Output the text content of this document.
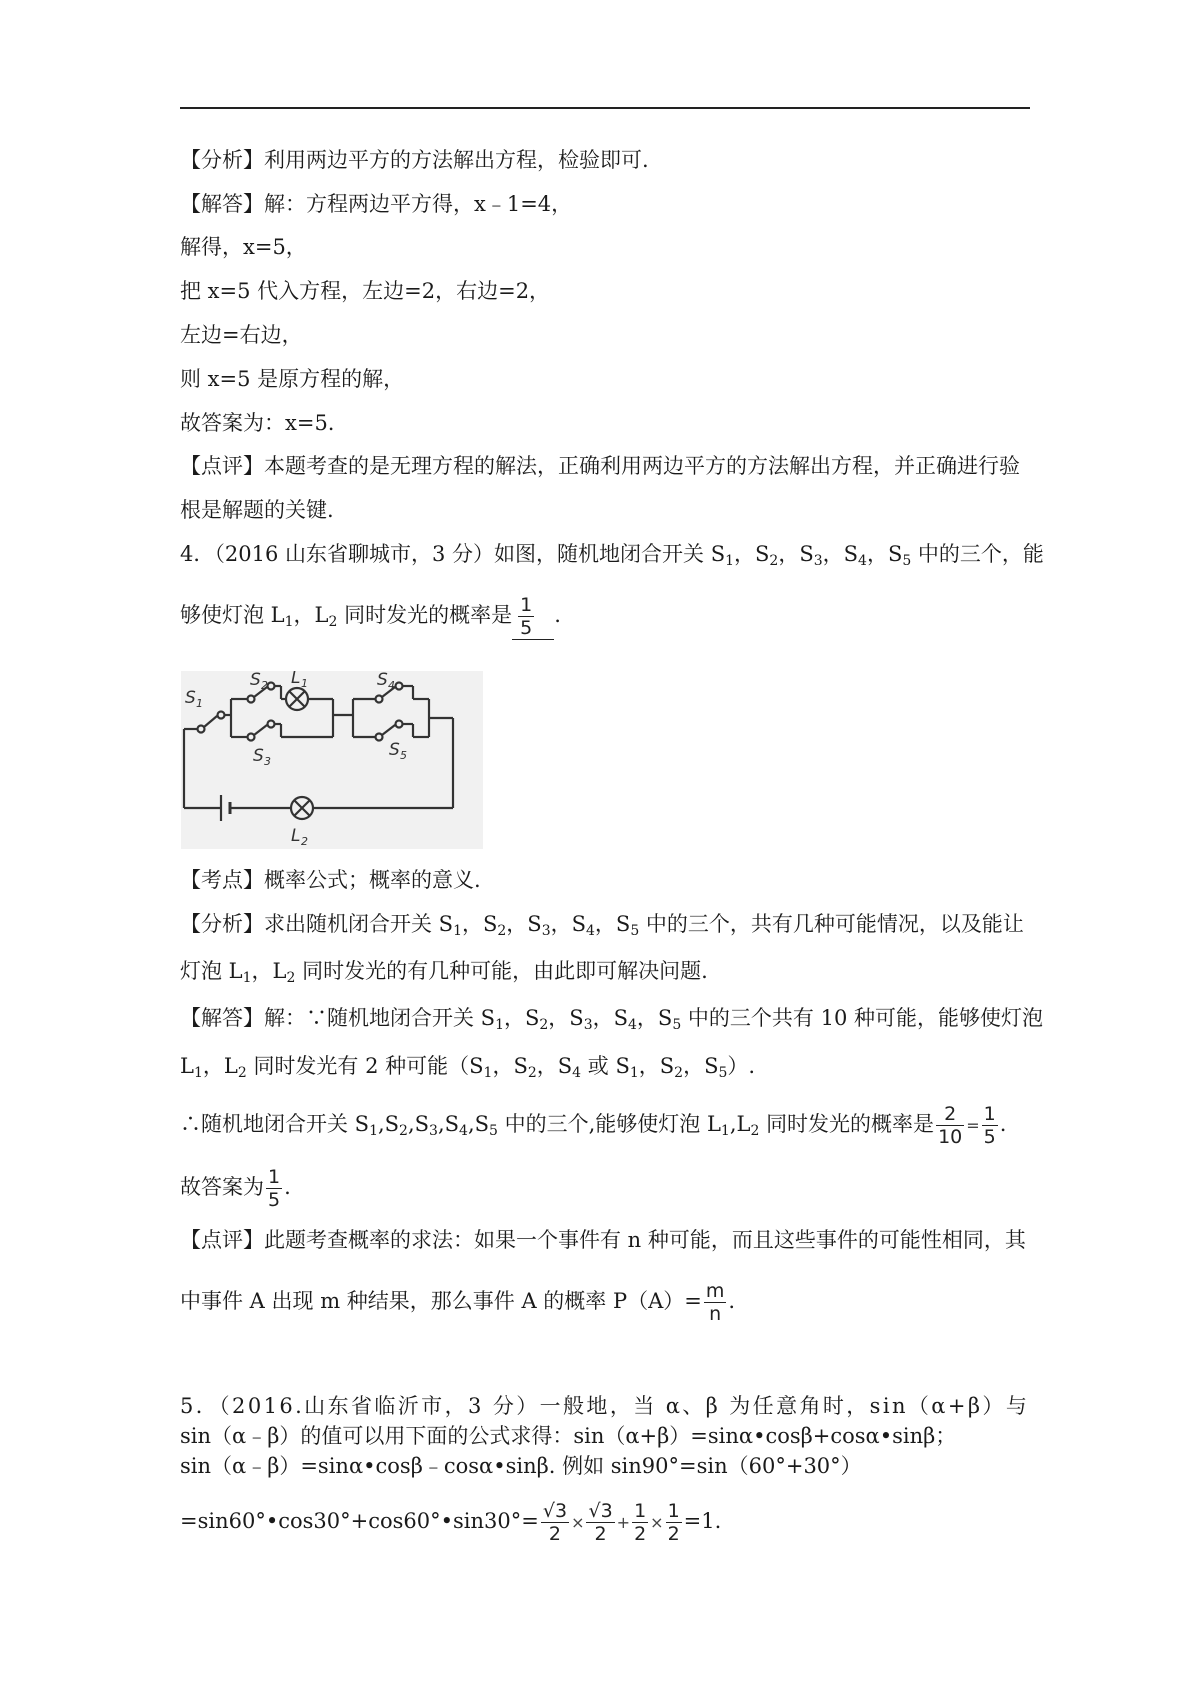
【分析】利用两边平方的方法解出方程，检验即可.
【解答】解：方程两边平方得，x﹣1=4，
解得，x=5，
把 x=5 代入方程，左边=2，右边=2，
左边=右边，
则 x=5 是原方程的解，
故答案为：x=5.
【点评】本题考查的是无理方程的解法，正确利用两边平方的方法解出方程，并正确进行验
根是解题的关键.
4．（2016 山东省聊城市，3 分）如图，随机地闭合开关 $S_1$，$S_2$，$S_3$，$S_4$，$S_5$ 中的三个，能
够使灯泡 $L_1$，$L_2$ 同时发光的概率是 $\frac{1}{5}$ .
S 1
S 2 L 1
S 3
S 4
S 5
L 2
【考点】概率公式；概率的意义.
【分析】求出随机闭合开关 $S_1$，$S_2$，$S_3$，$S_4$，$S_5$ 中的三个，共有几种可能情况，以及能让
灯泡 $L_1$，$L_2$ 同时发光的有几种可能，由此即可解决问题.
【解答】解：∵随机地闭合开关 $S_1$，$S_2$，$S_3$，$S_4$，$S_5$ 中的三个共有 10 种可能，能够使灯泡
$L_1$，$L_2$ 同时发光有 2 种可能（$S_1$，$S_2$，$S_4$ 或 $S_1$，$S_2$，$S_5$）.
∴随机地闭合开关 $S_1,S_2,S_3,S_4,S_5$ 中的三个,能够使灯泡 $L_1,L_2$ 同时发光的概率是 $\frac{2}{10} = \frac{1}{5}$ .
故答案为 $\frac{1}{5}$ .
【点评】此题考查概率的求法：如果一个事件有 n 种可能，而且这些事件的可能性相同，其
中事件 A 出现 m 种结果，那么事件 A 的概率 $P(A)= \frac{m}{n}$ .
5．（2016.山东省临沂市，3 分）一般地，当 α、β 为任意角时，sin（α+β）与
sin（α﹣β）的值可以用下面的公式求得：sin（α+β）=sinα•cosβ+cosα•sinβ；
sin（α﹣β）=sinα•cosβ﹣cosα•sinβ. 例如 sin90°=sin（60°+30°）
=sin60°•cos30°+cos60°•sin30°= $\frac{√3}{2} \times \frac{√3}{2} + \frac{1}{2} \times \frac{1}{2} =1$.
